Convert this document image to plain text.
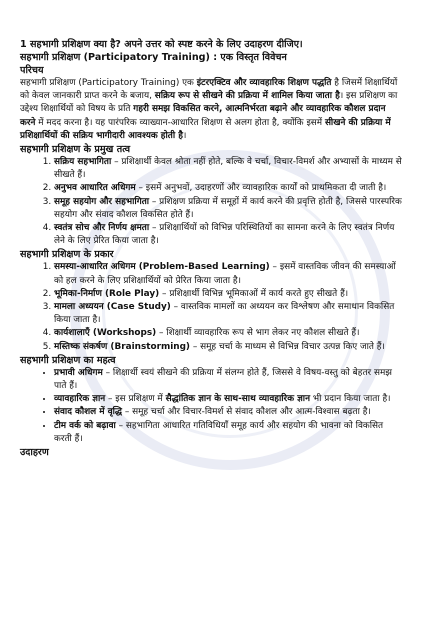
1 सहभागी प्रशिक्षण क्या है? अपने उत्तर को स्पष्ट करने के लिए उदाहरण दीजिए।
सहभागी प्रशिक्षण (Participatory Training) : एक विस्तृत विवेचन
परिचय

सहभागी प्रशिक्षण (Participatory Training) एक इंटरएक्टिव और व्यावहारिक शिक्षण पद्धति है जिसमें शिक्षार्थियों को केवल जानकारी प्राप्त करने के बजाय, सक्रिय रूप से सीखने की प्रक्रिया में शामिल किया जाता है। इस प्रशिक्षण का उद्देश्य शिक्षार्थियों को विषय के प्रति गहरी समझ विकसित करने, आत्मनिर्भरता बढ़ाने और व्यावहारिक कौशल प्रदान करने में मदद करना है। यह पारंपरिक व्याख्यान-आधारित शिक्षण से अलग होता है, क्योंकि इसमें सीखने की प्रक्रिया में प्रशिक्षार्थियों की सक्रिय भागीदारी आवश्यक होती है।

सहभागी प्रशिक्षण के प्रमुख तत्व
1. सक्रिय सहभागिता – प्रशिक्षार्थी केवल श्रोता नहीं होते, बल्कि वे चर्चा, विचार-विमर्श और अभ्यासों के माध्यम से सीखते हैं।
2. अनुभव आधारित अधिगम – इसमें अनुभवों, उदाहरणों और व्यावहारिक कार्यों को प्राथमिकता दी जाती है।
3. समूह सहयोग और सहभागिता – प्रशिक्षण प्रक्रिया में समूहों में कार्य करने की प्रवृत्ति होती है, जिससे पारस्परिक सहयोग और संवाद कौशल विकसित होते हैं।
4. स्वतंत्र सोच और निर्णय क्षमता – प्रशिक्षार्थियों को विभिन्न परिस्थितियों का सामना करने के लिए स्वतंत्र निर्णय लेने के लिए प्रेरित किया जाता है।
सहभागी प्रशिक्षण के प्रकार
1. समस्या-आधारित अधिगम (Problem-Based Learning) – इसमें वास्तविक जीवन की समस्याओं को हल करने के लिए प्रशिक्षार्थियों को प्रेरित किया जाता है।
2. भूमिका-निर्माण (Role Play) – प्रशिक्षार्थी विभिन्न भूमिकाओं में कार्य करते हुए सीखते हैं।
3. मामला अध्ययन (Case Study) – वास्तविक मामलों का अध्ययन कर विश्लेषण और समाधान विकसित किया जाता है।
4. कार्यशालाएँ (Workshops) – शिक्षार्थी व्यावहारिक रूप से भाग लेकर नए कौशल सीखते हैं।
5. मस्तिष्क संकर्षण (Brainstorming) – समूह चर्चा के माध्यम से विभिन्न विचार उत्पन्न किए जाते हैं।
सहभागी प्रशिक्षण का महत्व
• प्रभावी अधिगम – शिक्षार्थी स्वयं सीखने की प्रक्रिया में संलग्न होते हैं, जिससे वे विषय-वस्तु को बेहतर समझ पाते हैं।
• व्यावहारिक ज्ञान – इस प्रशिक्षण में सैद्धांतिक ज्ञान के साथ-साथ व्यावहारिक ज्ञान भी प्रदान किया जाता है।
• संवाद कौशल में वृद्धि – समूह चर्चा और विचार-विमर्श से संवाद कौशल और आत्म-विश्वास बढ़ता है।
• टीम वर्क को बढ़ावा – सहभागिता आधारित गतिविधियाँ समूह कार्य और सहयोग की भावना को विकसित करती हैं।
उदाहरण
